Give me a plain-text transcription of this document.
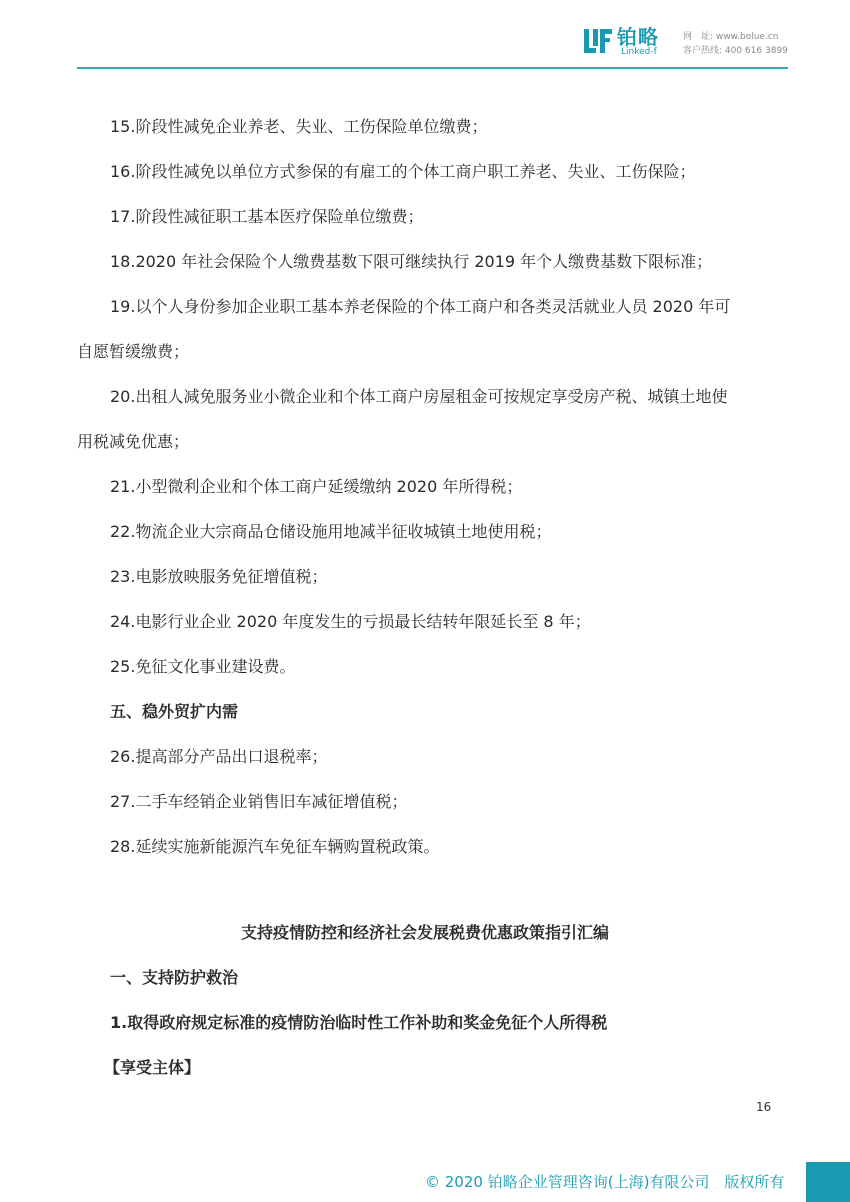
铂略
Linked-f
网　址: www.bolue.cn
客户热线: 400 616 3899
15.阶段性减免企业养老、失业、工伤保险单位缴费；
16.阶段性减免以单位方式参保的有雇工的个体工商户职工养老、失业、工伤保险；
17.阶段性减征职工基本医疗保险单位缴费；
18.2020 年社会保险个人缴费基数下限可继续执行 2019 年个人缴费基数下限标准；
19.以个人身份参加企业职工基本养老保险的个体工商户和各类灵活就业人员 2020 年可
自愿暂缓缴费；
20.出租人减免服务业小微企业和个体工商户房屋租金可按规定享受房产税、城镇土地使
用税减免优惠；
21.小型微利企业和个体工商户延缓缴纳 2020 年所得税；
22.物流企业大宗商品仓储设施用地减半征收城镇土地使用税；
23.电影放映服务免征增值税；
24.电影行业企业 2020 年度发生的亏损最长结转年限延长至 8 年；
25.免征文化事业建设费。
五、稳外贸扩内需
26.提高部分产品出口退税率；
27.二手车经销企业销售旧车减征增值税；
28.延续实施新能源汽车免征车辆购置税政策。
支持疫情防控和经济社会发展税费优惠政策指引汇编
一、支持防护救治
1.取得政府规定标准的疫情防治临时性工作补助和奖金免征个人所得税
【享受主体】
16
© 2020 铂略企业管理咨询(上海)有限公司　版权所有
